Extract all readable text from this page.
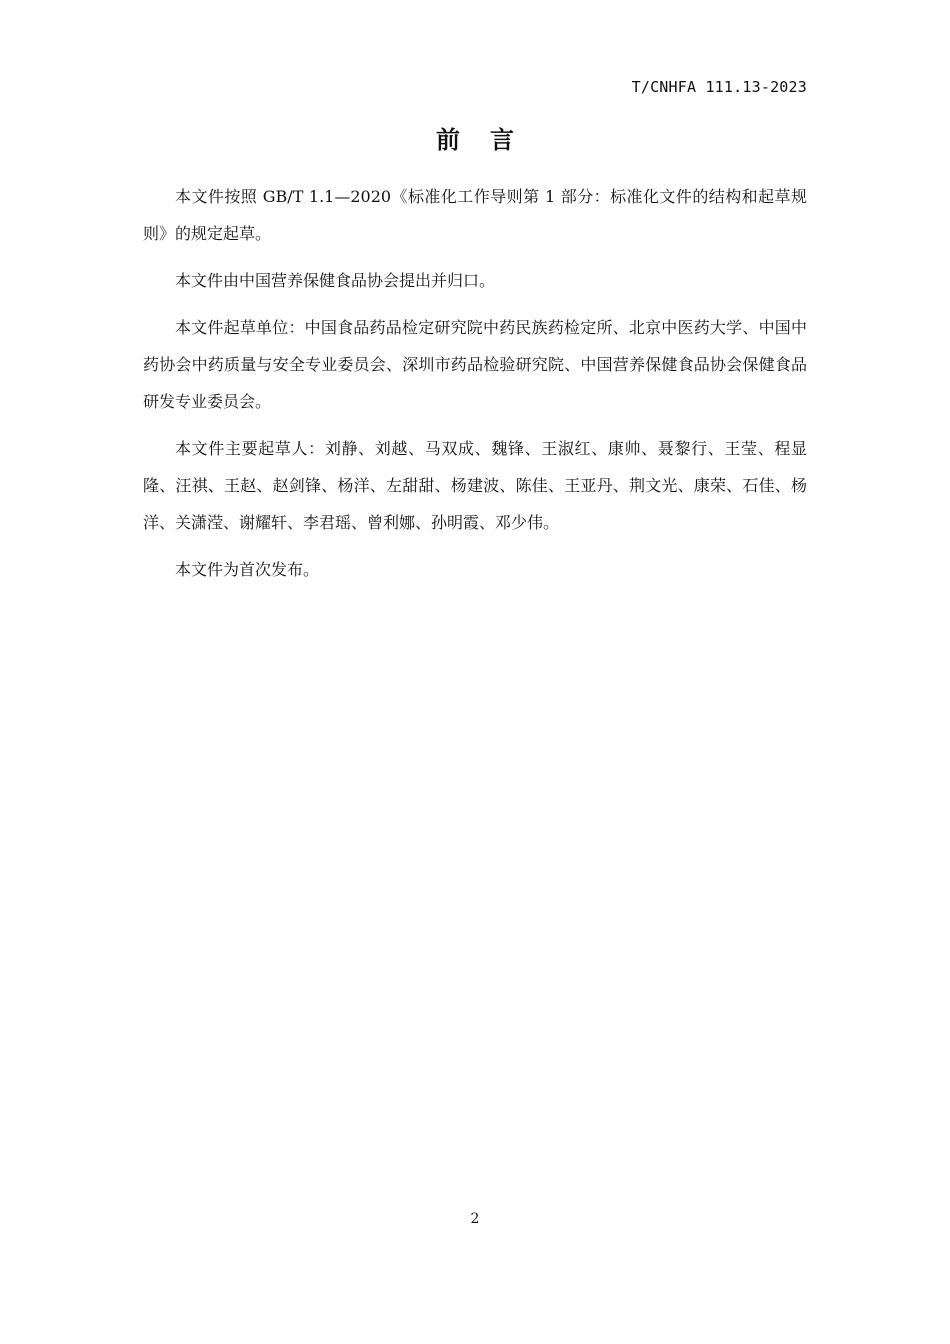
T/CNHFA 111.13-2023
前言

本文件按照 GB/T 1.1—2020《标准化工作导则第 1 部分：标准化文件的结构和起草规则》的规定起草。

本文件由中国营养保健食品协会提出并归口。

本文件起草单位：中国食品药品检定研究院中药民族药检定所、北京中医药大学、中国中药协会中药质量与安全专业委员会、深圳市药品检验研究院、中国营养保健食品协会保健食品研发专业委员会。

本文件主要起草人：刘静、刘越、马双成、魏锋、王淑红、康帅、聂黎行、王莹、程显隆、汪祺、王赵、赵剑锋、杨洋、左甜甜、杨建波、陈佳、王亚丹、荆文光、康荣、石佳、杨洋、关潇滢、谢耀轩、李君瑶、曾利娜、孙明霞、邓少伟。

本文件为首次发布。

2
